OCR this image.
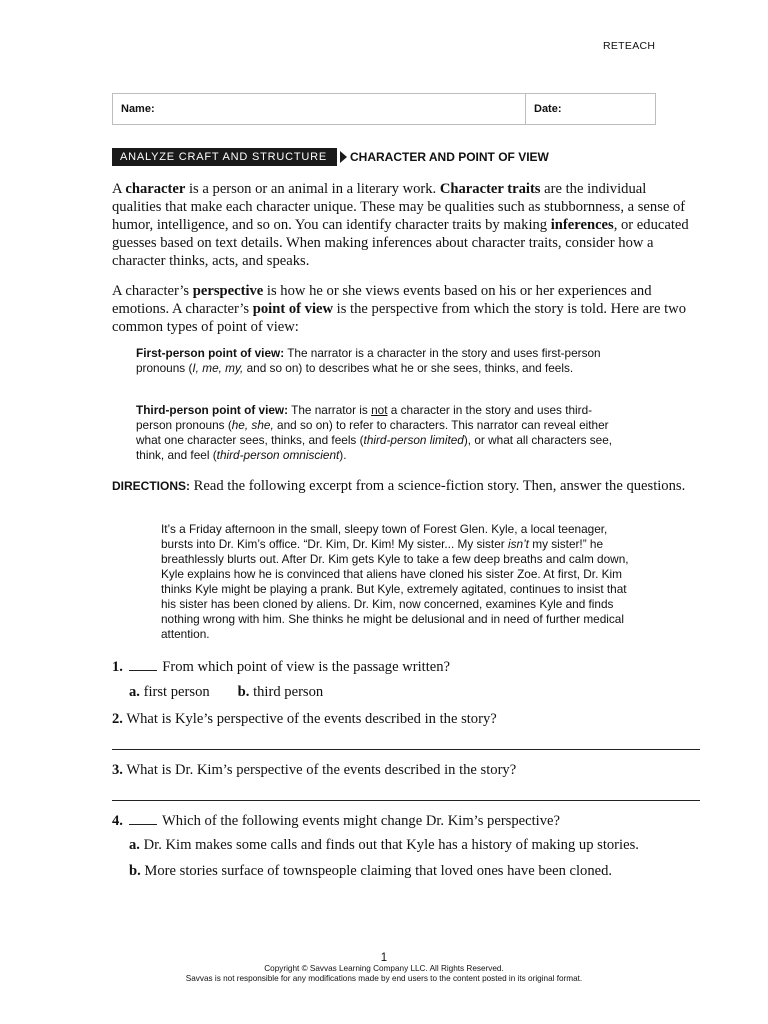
RETEACH
Name:	Date:
ANALYZE CRAFT AND STRUCTURE	CHARACTER AND POINT OF VIEW
A character is a person or an animal in a literary work. Character traits are the individual qualities that make each character unique. These may be qualities such as stubbornness, a sense of humor, intelligence, and so on. You can identify character traits by making inferences, or educated guesses based on text details. When making inferences about character traits, consider how a character thinks, acts, and speaks.
A character’s perspective is how he or she views events based on his or her experiences and emotions. A character’s point of view is the perspective from which the story is told. Here are two common types of point of view:
First-person point of view: The narrator is a character in the story and uses first-person pronouns (I, me, my, and so on) to describes what he or she sees, thinks, and feels.
Third-person point of view: The narrator is not a character in the story and uses third-person pronouns (he, she, and so on) to refer to characters. This narrator can reveal either what one character sees, thinks, and feels (third-person limited), or what all characters see, think, and feel (third-person omniscient).
DIRECTIONS: Read the following excerpt from a science-fiction story. Then, answer the questions.
It’s a Friday afternoon in the small, sleepy town of Forest Glen. Kyle, a local teenager, bursts into Dr. Kim’s office. “Dr. Kim, Dr. Kim! My sister... My sister isn’t my sister!” he breathlessly blurts out. After Dr. Kim gets Kyle to take a few deep breaths and calm down, Kyle explains how he is convinced that aliens have cloned his sister Zoe. At first, Dr. Kim thinks Kyle might be playing a prank. But Kyle, extremely agitated, continues to insist that his sister has been cloned by aliens. Dr. Kim, now concerned, examines Kyle and finds nothing wrong with him. She thinks he might be delusional and in need of further medical attention.
1.  From which point of view is the passage written?
a. first person b. third person
2. What is Kyle’s perspective of the events described in the story?
3. What is Dr. Kim’s perspective of the events described in the story?
4.  Which of the following events might change Dr. Kim’s perspective?
a. Dr. Kim makes some calls and finds out that Kyle has a history of making up stories.
b. More stories surface of townspeople claiming that loved ones have been cloned.
1
Copyright © Savvas Learning Company LLC. All Rights Reserved.
Savvas is not responsible for any modifications made by end users to the content posted in its original format.
